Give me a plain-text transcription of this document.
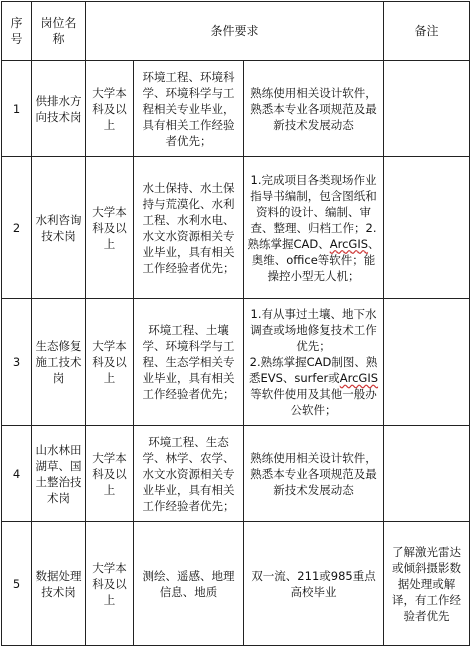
序号	岗位名称	条件要求			备注
1	供排水方向技术岗	大学本科及以上	环境工程、环境科学、环境科学与工程相关专业毕业，具有相关工作经验者优先；	熟练使用相关设计软件，熟悉本专业各项规范及最新技术发展动态	
2	水利咨询技术岗	大学本科及以上	水土保持、水土保持与荒漠化、水利工程、水利水电、水文水资源相关专业毕业，具有相关工作经验者优先；	1.完成项目各类现场作业指导书编制，包含图纸和资料的设计、编制、审查、整理、归档工作；2.熟练掌握CAD、ArcGIS、奥维、office等软件；能操控小型无人机；	
3	生态修复施工技术岗	大学本科及以上	环境工程、土壤学、环境科学与工程、生态学相关专业毕业，具有相关工作经验者优先；	1.有从事过土壤、地下水调查或场地修复技术工作优先；
2.熟练掌握CAD制图、熟悉EVS、surfer或ArcGIS等软件使用及其他一般办公软件；	
4	山水林田湖草、国土整治技术岗	大学本科及以上	环境工程、生态学、林学、农学、水文水资源相关专业毕业，具有相关工作经验者优先；	熟练使用相关设计软件，熟悉本专业各项规范及最新技术发展动态	
5	数据处理技术岗	大学本科及以上	测绘、遥感、地理信息、地质	双一流、211或985重点高校毕业	了解激光雷达或倾斜摄影数据处理或解译，有工作经验者优先
